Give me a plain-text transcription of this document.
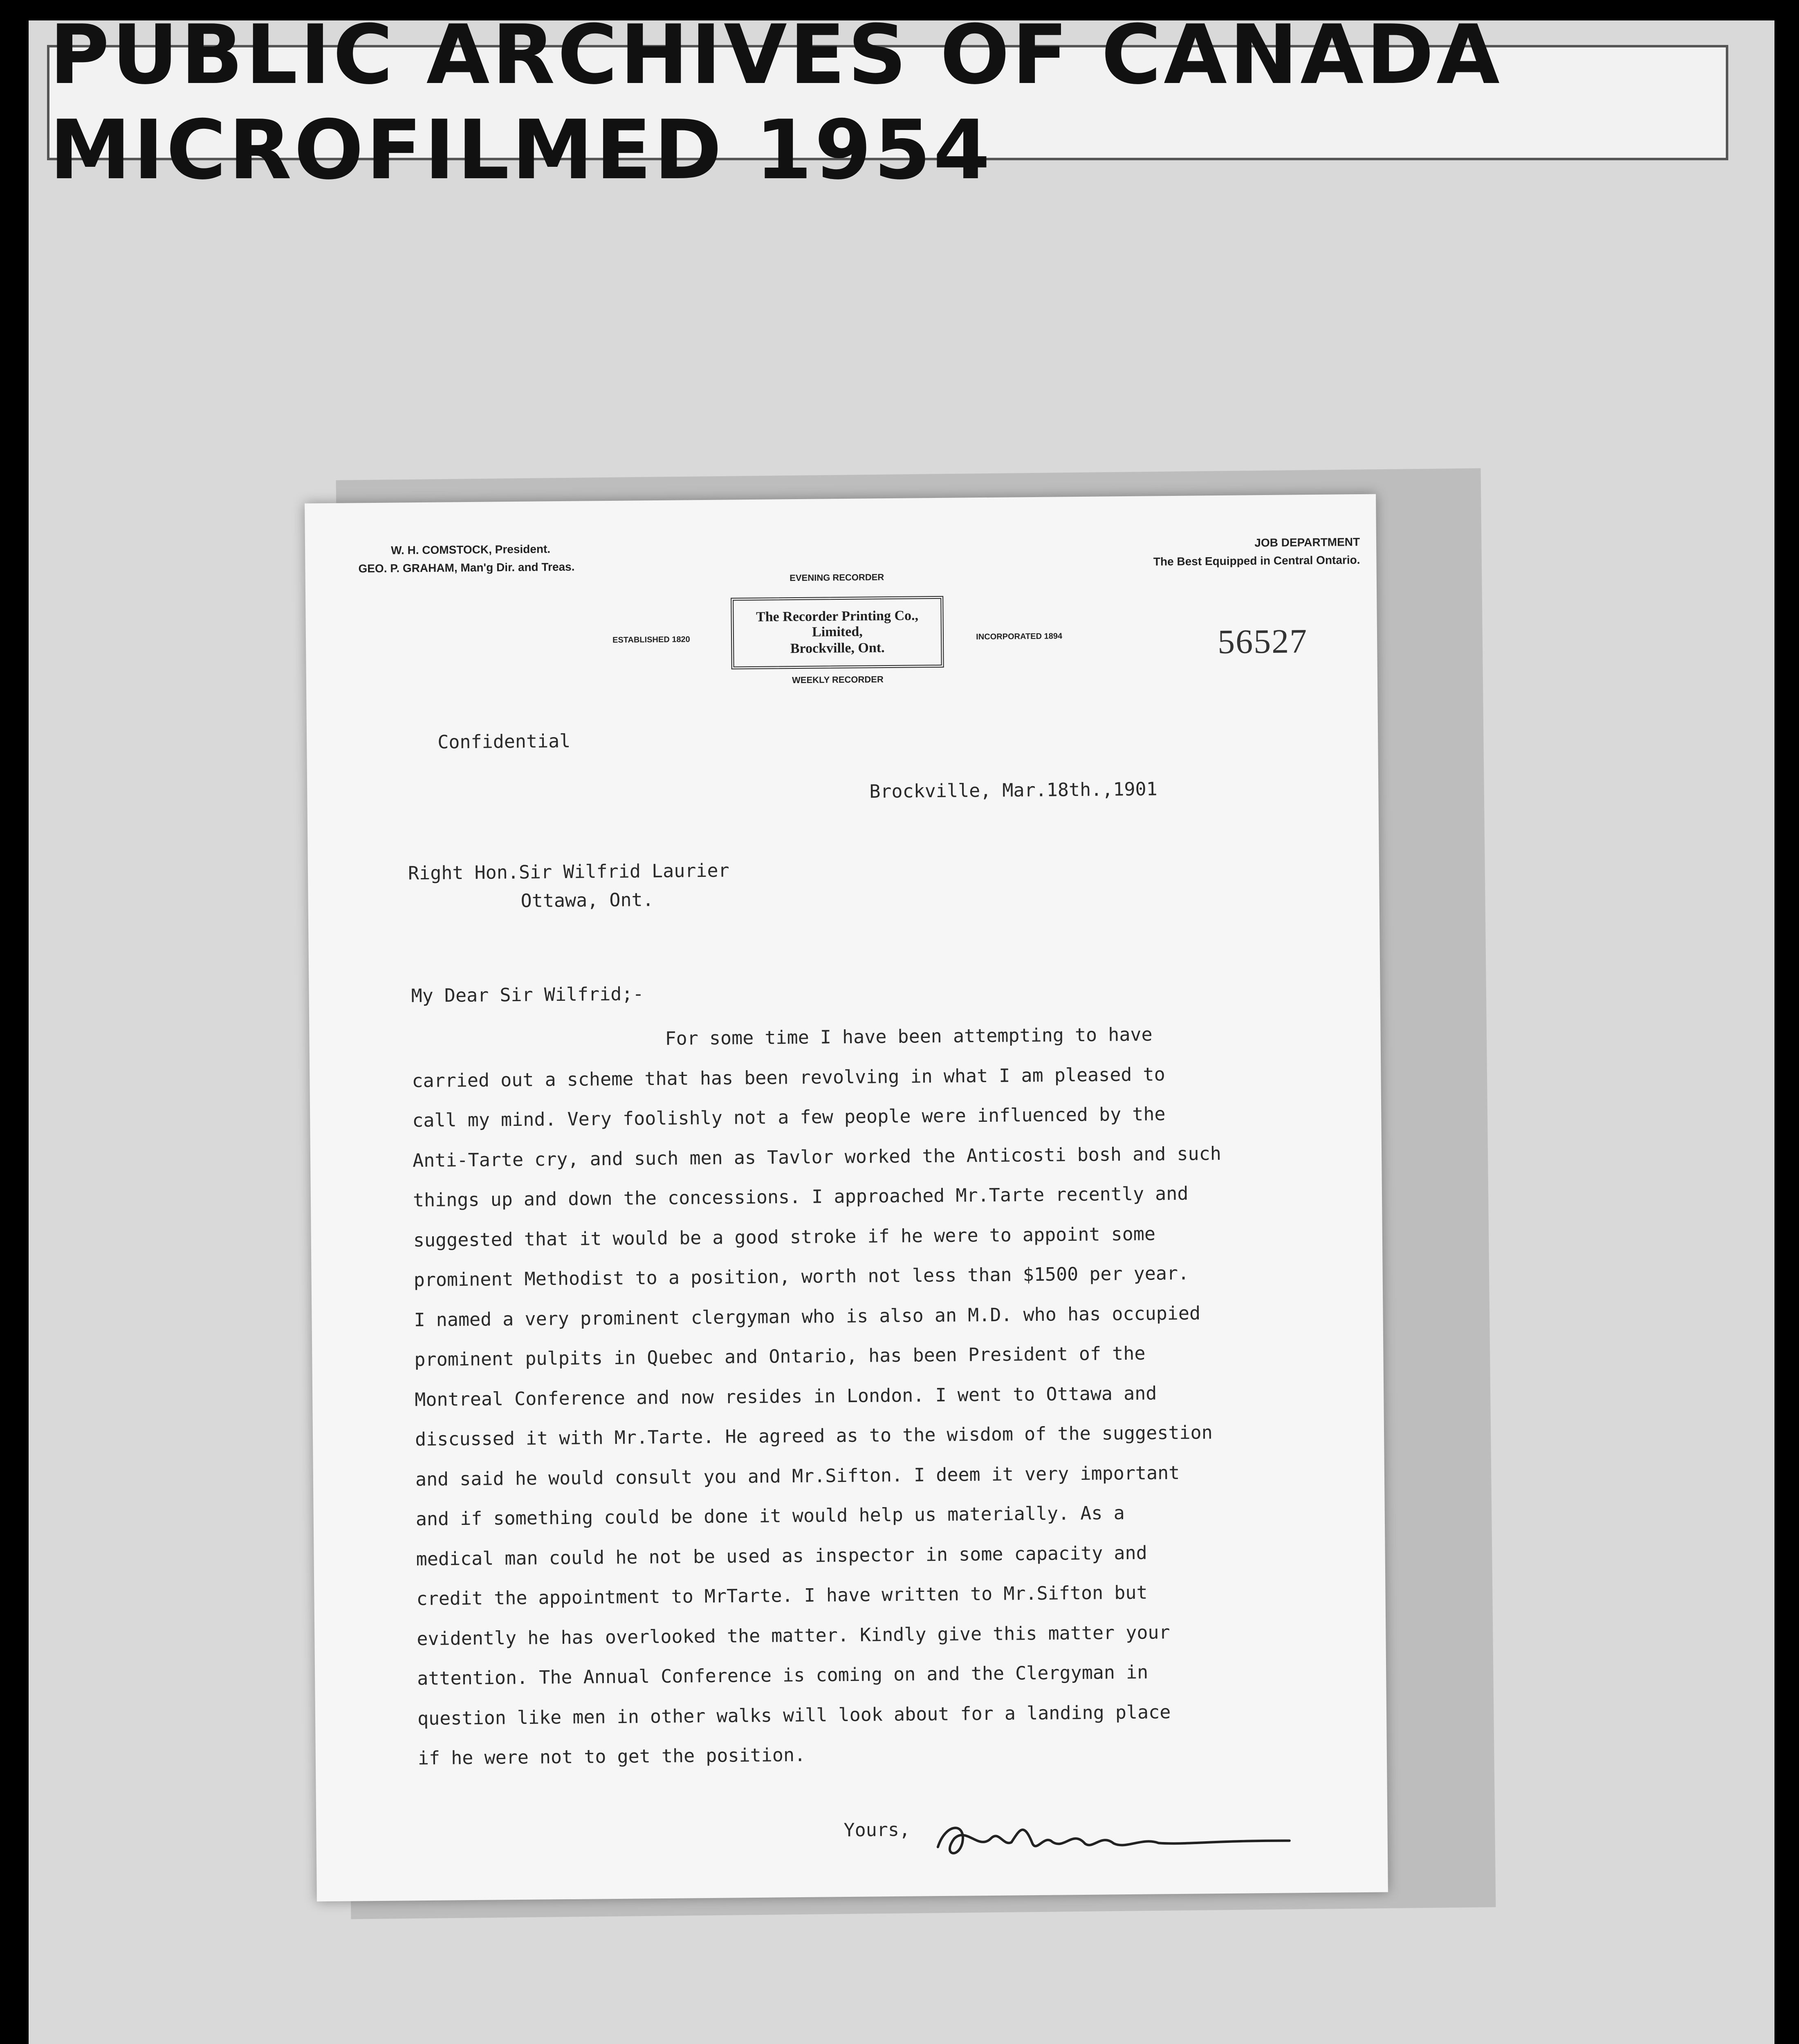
PUBLIC ARCHIVES OF CANADA MICROFILMED 1954
W. H. COMSTOCK, President.
GEO. P. GRAHAM, Man'g Dir. and Treas.
JOB DEPARTMENT
The Best Equipped in Central Ontario.
EVENING RECORDER
ESTABLISHED 1820
The Recorder Printing Co., Limited,
Brockville, Ont.
INCORPORATED 1894
WEEKLY RECORDER
56527
Confidential
Brockville, Mar.18th.,1901
Right Hon.Sir Wilfrid Laurier
Ottawa, Ont.
My Dear Sir Wilfrid;-
For some time I have been attempting to have
carried out a scheme that has been revolving in what I am pleased to
call my mind. Very foolishly not a few people were influenced by the
Anti-Tarte cry, and such men as Tavlor worked the Anticosti bosh and such
things up and down the concessions. I approached Mr.Tarte recently and
suggested that it would be a good stroke if he were to appoint some
prominent Methodist to a position, worth not less than $1500 per year.
I named a very prominent clergyman who is also an M.D. who has occupied
prominent pulpits in Quebec and Ontario, has been President of the
Montreal Conference and now resides in London. I went to Ottawa and
discussed it with Mr.Tarte. He agreed as to the wisdom of the suggestion
and said he would consult you and Mr.Sifton. I deem it very important
and if something could be done it would help us materially. As a
medical man could he not be used as inspector in some capacity and
credit the appointment to MrTarte. I have written to Mr.Sifton but
evidently he has overlooked the matter. Kindly give this matter your
attention. The Annual Conference is coming on and the Clergyman in
question like men in other walks will look about for a landing place
if he were not to get the position.
Yours,
